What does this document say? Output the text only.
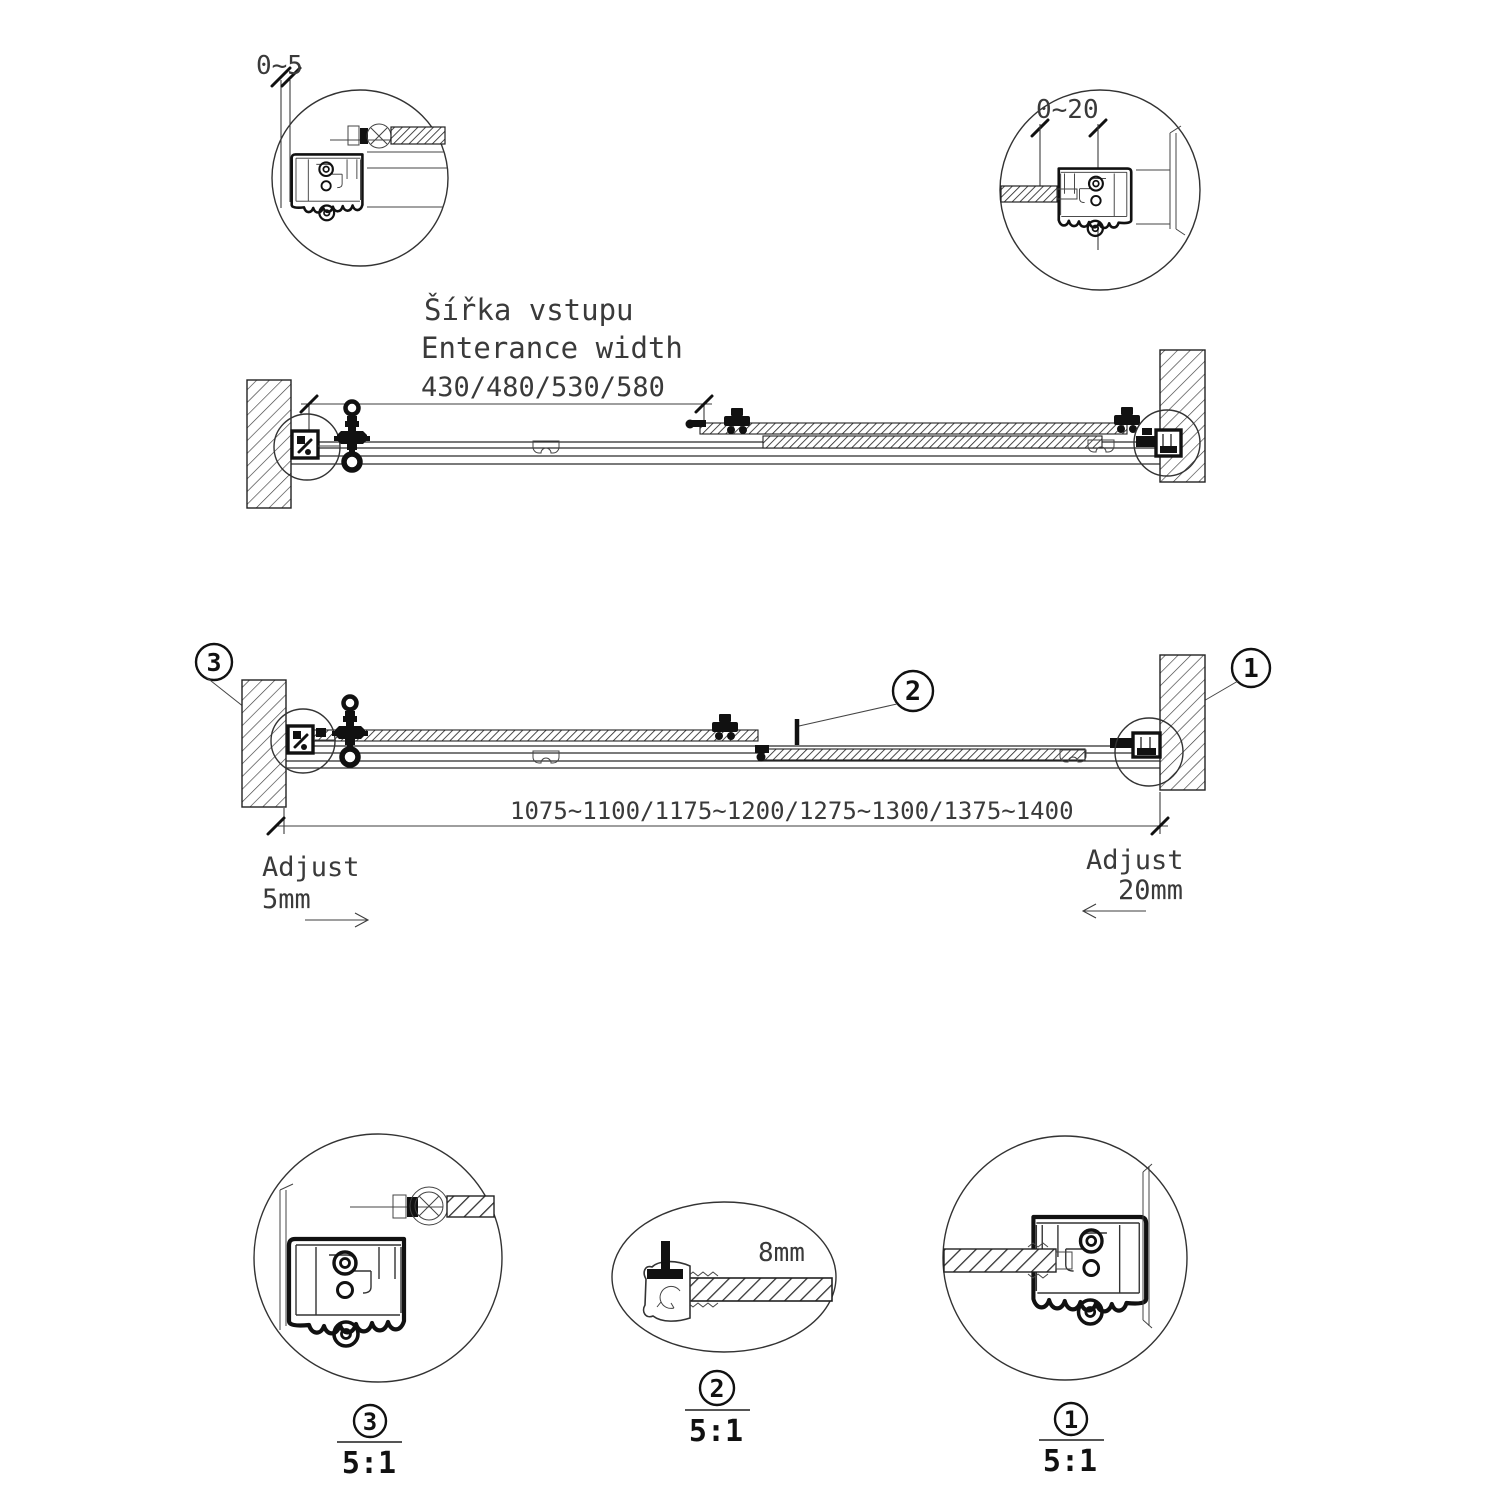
0~5
0~20
Šířka vstupu
Enterance width
430/480/530/580
3
2
1
1075~1100/1175~1200/1275~1300/1375~1400
Adjust
5mm
Adjust
20mm
3
5:1
8mm
2
5:1	1
5:1
